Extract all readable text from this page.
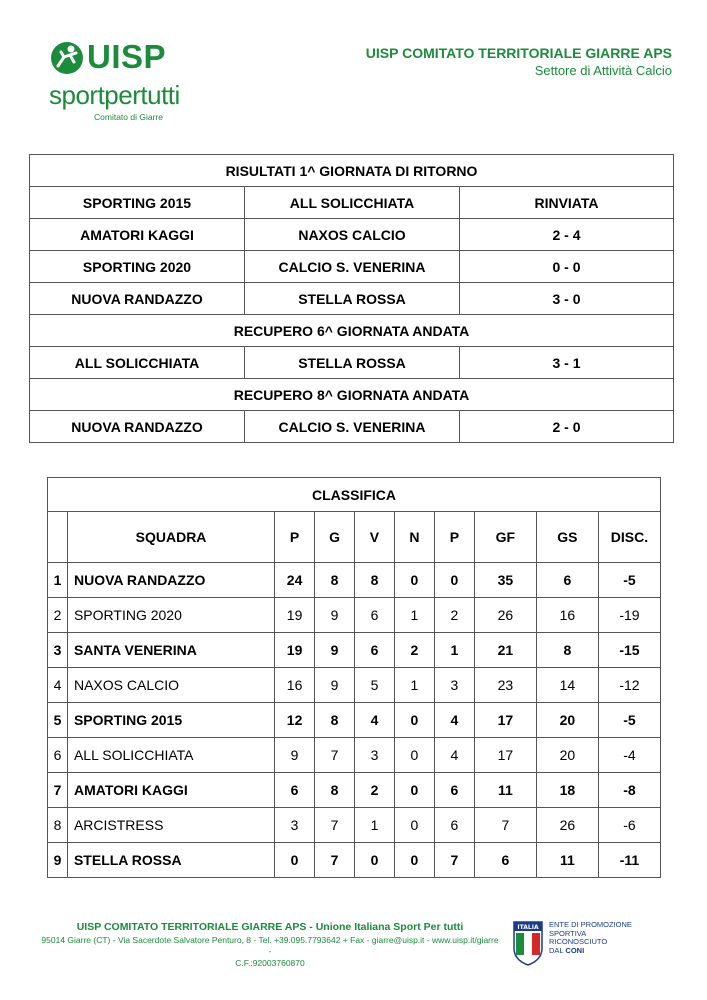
UISP
sportpertutti
Comitato di Giarre
UISP COMITATO TERRITORIALE GIARRE APS
Settore di Attività Calcio
RISULTATI 1^ GIORNATA DI RITORNO		
SPORTING 2015	ALL SOLICCHIATA	RINVIATA
AMATORI KAGGI	NAXOS CALCIO	2 - 4
SPORTING 2020	CALCIO S. VENERINA	0 - 0
NUOVA RANDAZZO	STELLA ROSSA	3 - 0
RECUPERO 6^ GIORNATA ANDATA		
ALL SOLICCHIATA	STELLA ROSSA	3 - 1
RECUPERO 8^ GIORNATA ANDATA		
NUOVA RANDAZZO	CALCIO S. VENERINA	2 - 0
CLASSIFICA									
	SQUADRA	P	G	V	N	P	GF	GS	DISC.
1	NUOVA RANDAZZO	24	8	8	0	0	35	6	-5
2	SPORTING 2020	19	9	6	1	2	26	16	-19
3	SANTA VENERINA	19	9	6	2	1	21	8	-15
4	NAXOS CALCIO	16	9	5	1	3	23	14	-12
5	SPORTING 2015	12	8	4	0	4	17	20	-5
6	ALL SOLICCHIATA	9	7	3	0	4	17	20	-4
7	AMATORI KAGGI	6	8	2	0	6	11	18	-8
8	ARCISTRESS	3	7	1	0	6	7	26	-6
9	STELLA ROSSA	0	7	0	0	7	6	11	-11
UISP COMITATO TERRITORIALE GIARRE APS - Unione Italiana Sport Per tutti
95014 Giarre (CT) - Via Sacerdote Salvatore Penturo, 8 - Tel. +39.095.7793642 + Fax - giarre@uisp.it - www.uisp.it/giarre -
C.F.:92003760870
ITALIA ENTE DI PROMOZIONE
SPORTIVA
RICONOSCIUTO
DAL CONI
